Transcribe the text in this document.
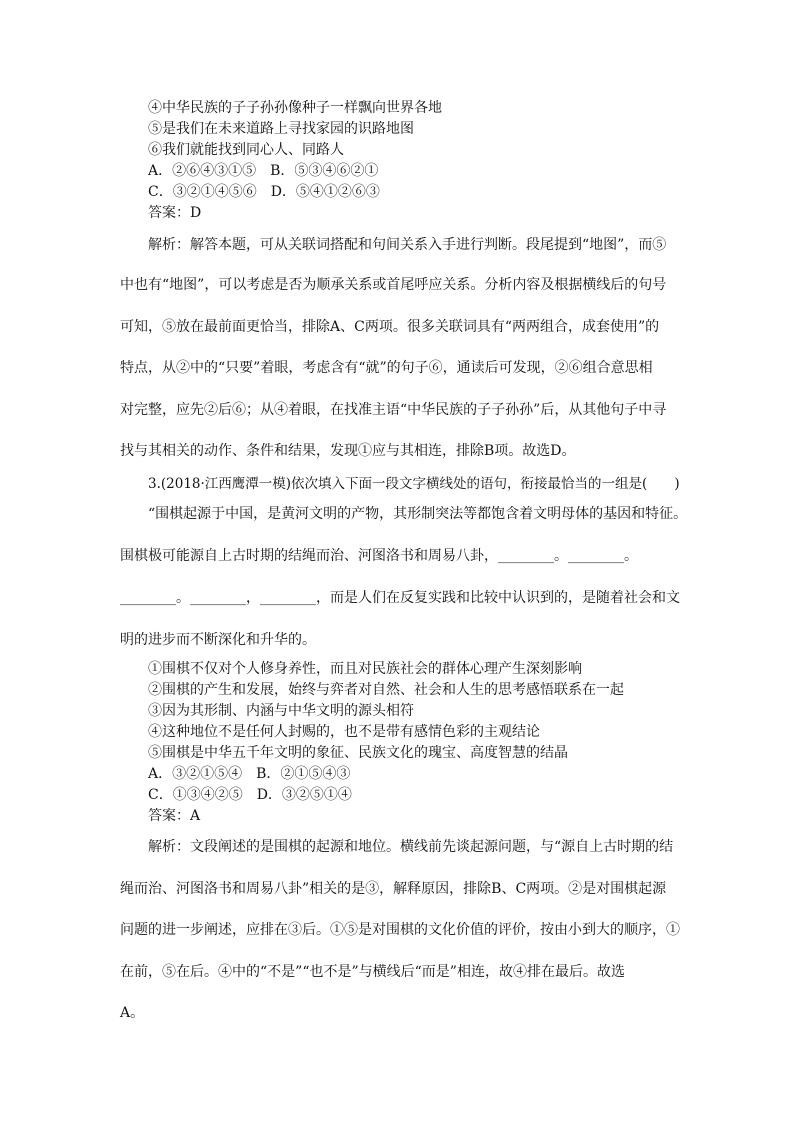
④中华民族的子子孙孙像种子一样飘向世界各地
⑤是我们在未来道路上寻找家园的识路地图
⑥我们就能找到同心人、同路人
A．②⑥④③①⑤　B．⑤③④⑥②①
C．③②①④⑤⑥　D．⑤④①②⑥③
答案：D
解析：解答本题，可从关联词搭配和句间关系入手进行判断。段尾提到“地图”，而⑤
中也有“地图”，可以考虑是否为顺承关系或首尾呼应关系。分析内容及根据横线后的句号
可知，⑤放在最前面更恰当，排除A、C两项。很多关联词具有“两两组合，成套使用”的
特点，从②中的“只要”着眼，考虑含有“就”的句子⑥，通读后可发现，②⑥组合意思相
对完整，应先②后⑥；从④着眼，在找准主语“中华民族的子子孙孙”后，从其他句子中寻
找与其相关的动作、条件和结果，发现①应与其相连，排除B项。故选D。
3.(2018·江西鹰潭一模)依次填入下面一段文字横线处的语句，衔接最恰当的一组是(　　)
“围棋起源于中国，是黄河文明的产物，其形制突法等都饱含着文明母体的基因和特征。
围棋极可能源自上古时期的结绳而治、河图洛书和周易八卦，________。________。
________。________，________，而是人们在反复实践和比较中认识到的，是随着社会和文
明的进步而不断深化和升华的。
①围棋不仅对个人修身养性，而且对民族社会的群体心理产生深刻影响
②围棋的产生和发展，始终与弈者对自然、社会和人生的思考感悟联系在一起
③因为其形制、内涵与中华文明的源头相符
④这种地位不是任何人封赐的，也不是带有感情色彩的主观结论
⑤围棋是中华五千年文明的象征、民族文化的瑰宝、高度智慧的结晶
A．③②①⑤④　B．②①⑤④③
C．①③④②⑤　D．③②⑤①④
答案：A
解析：文段阐述的是围棋的起源和地位。横线前先谈起源问题，与“源自上古时期的结
绳而治、河图洛书和周易八卦”相关的是③，解释原因，排除B、C两项。②是对围棋起源
问题的进一步阐述，应排在③后。①⑤是对围棋的文化价值的评价，按由小到大的顺序，①
在前，⑤在后。④中的“不是”“也不是”与横线后“而是”相连，故④排在最后。故选
A。
